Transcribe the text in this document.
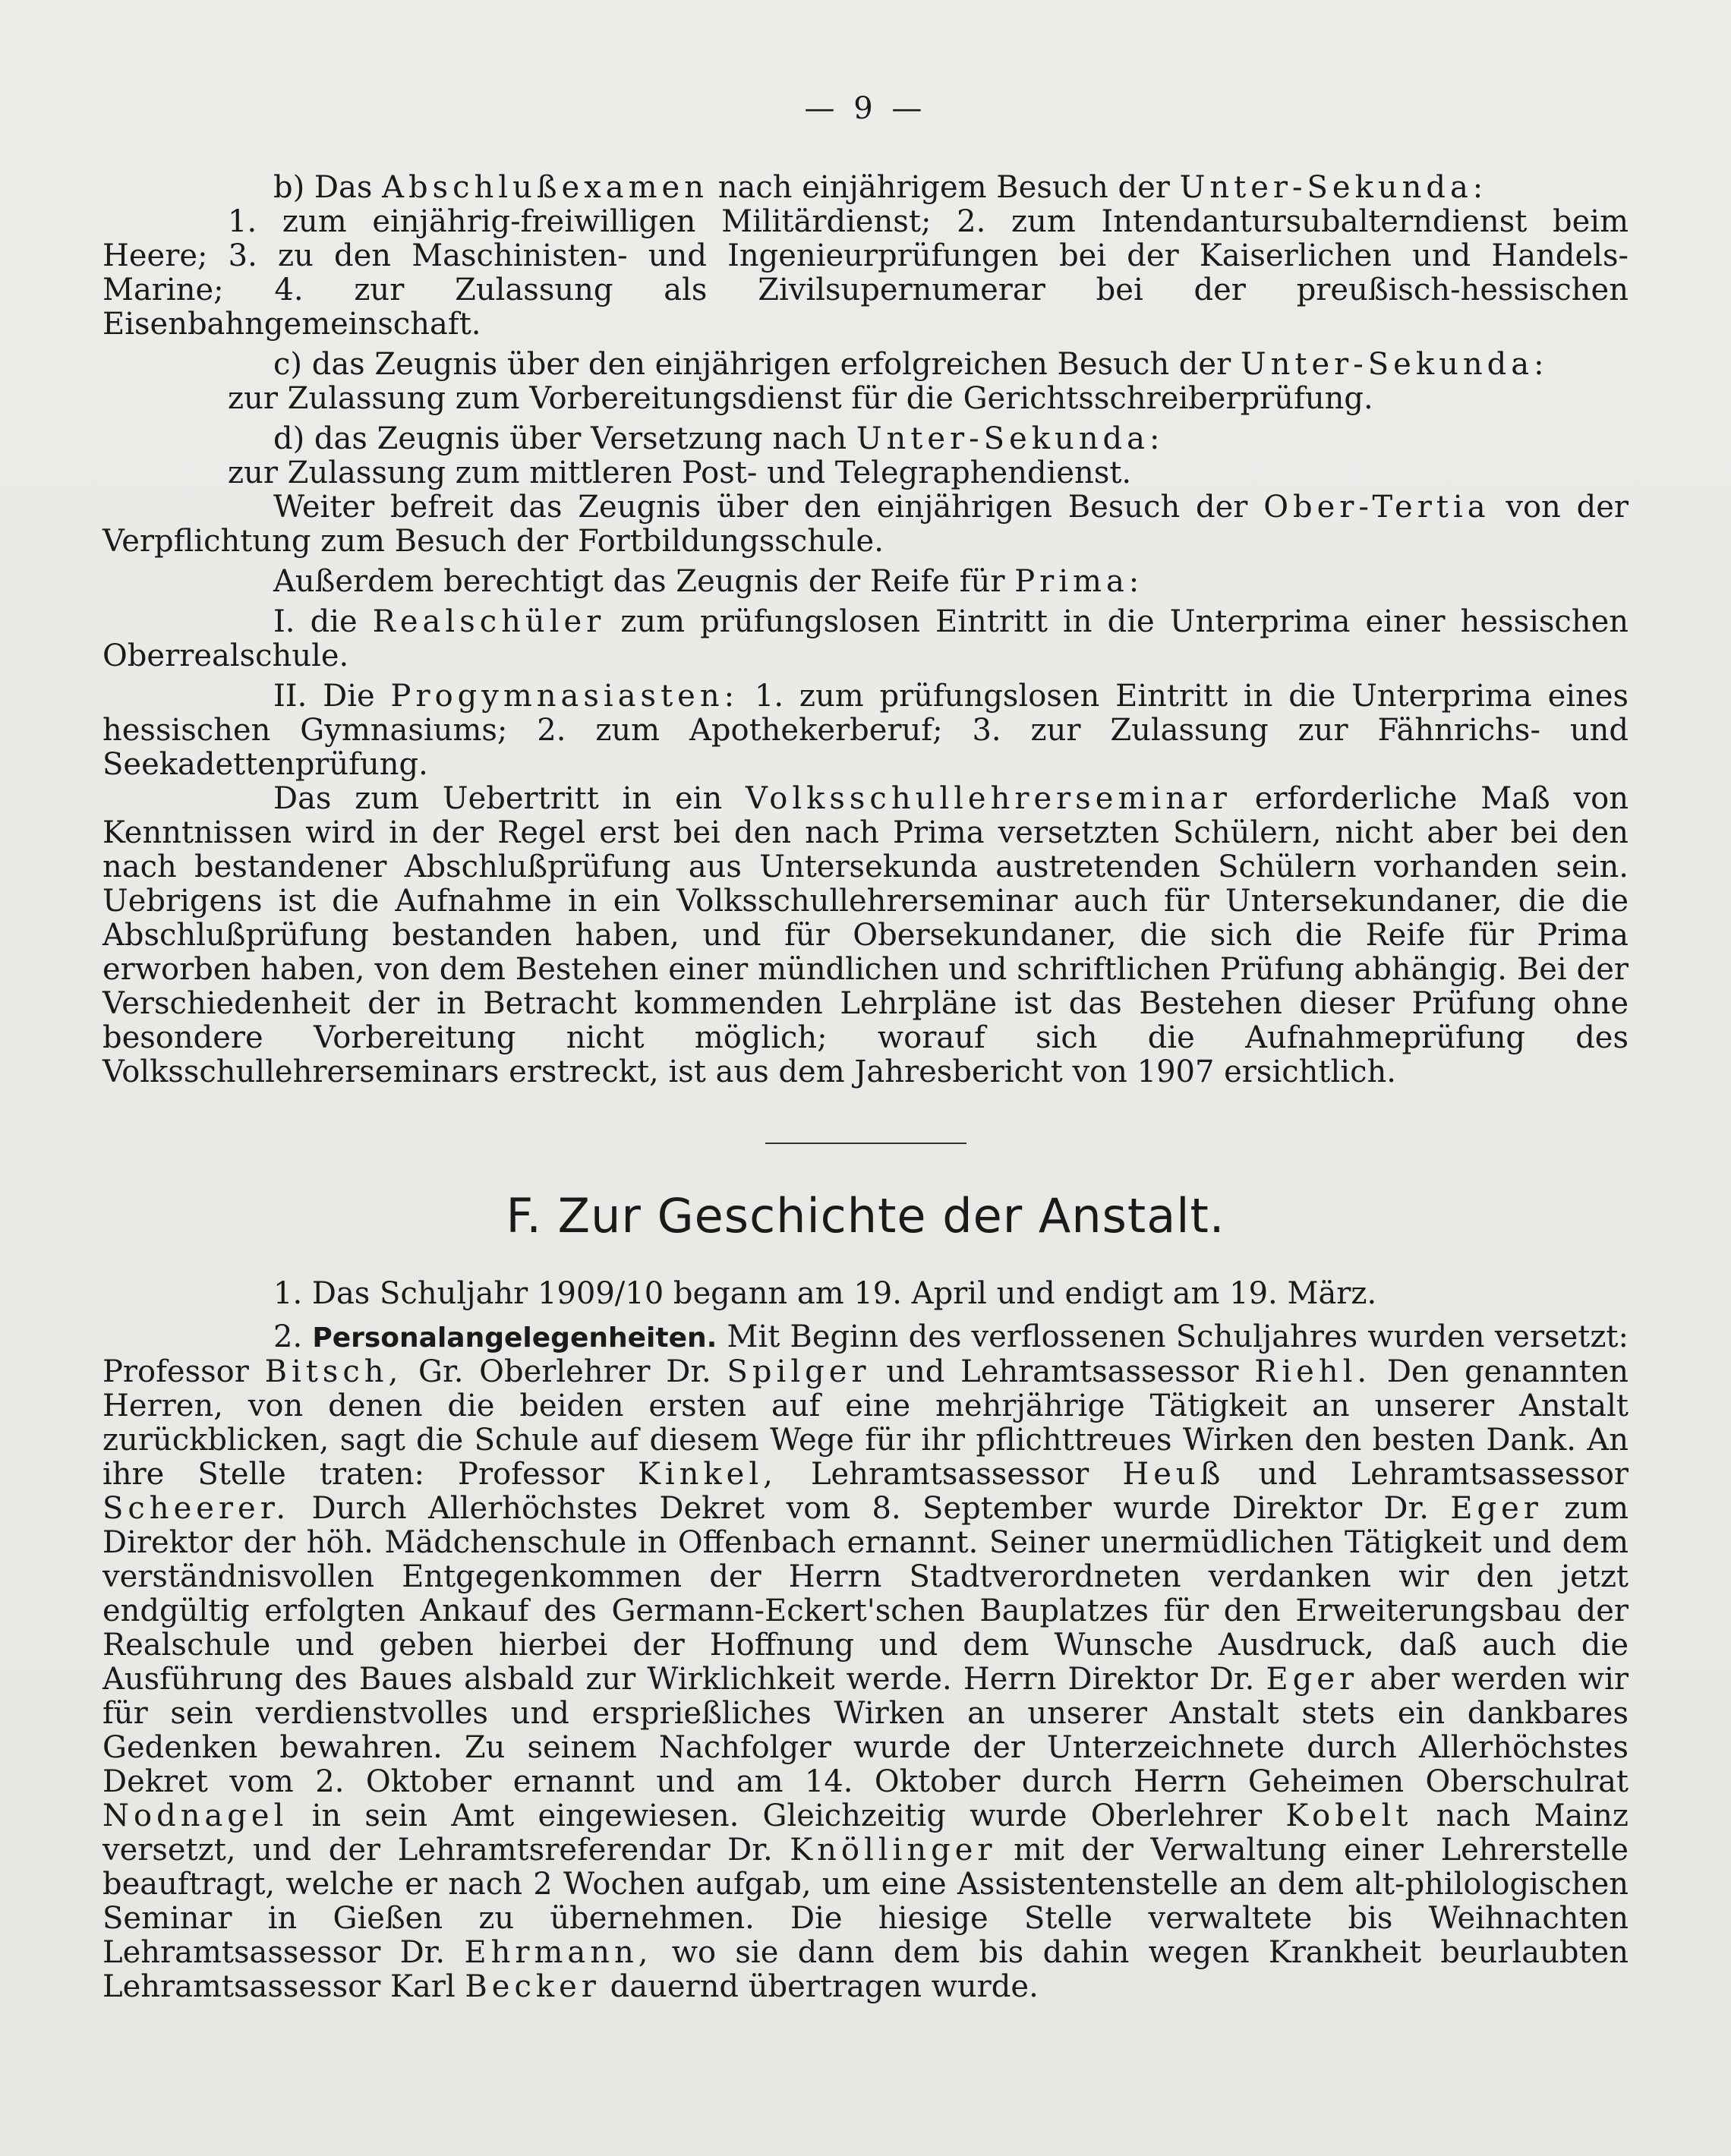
— 9 —

b) Das Abschlußexamen nach einjährigem Besuch der Unter-Sekunda:

1. zum einjährig-freiwilligen Militärdienst; 2. zum Intendantursubalterndienst beim Heere; 3. zu den Maschinisten- und Ingenieurprüfungen bei der Kaiserlichen und Handels-Marine; 4. zur Zulassung als Zivilsupernumerar bei der preußisch-hessischen Eisenbahngemeinschaft.

c) das Zeugnis über den einjährigen erfolgreichen Besuch der Unter-Sekunda:

zur Zulassung zum Vorbereitungsdienst für die Gerichtsschreiberprüfung.

d) das Zeugnis über Versetzung nach Unter-Sekunda:

zur Zulassung zum mittleren Post- und Telegraphendienst.

Weiter befreit das Zeugnis über den einjährigen Besuch der Ober-Tertia von der Verpflichtung zum Besuch der Fortbildungsschule.

Außerdem berechtigt das Zeugnis der Reife für Prima:

I. die Realschüler zum prüfungslosen Eintritt in die Unterprima einer hessischen Oberrealschule.

II. Die Progymnasiasten: 1. zum prüfungslosen Eintritt in die Unterprima eines hessischen Gymnasiums; 2. zum Apothekerberuf; 3. zur Zulassung zur Fähnrichs- und Seekadettenprüfung.

Das zum Uebertritt in ein Volksschullehrerseminar erforderliche Maß von Kenntnissen wird in der Regel erst bei den nach Prima versetzten Schülern, nicht aber bei den nach bestandener Abschlußprüfung aus Untersekunda austretenden Schülern vorhanden sein. Uebrigens ist die Aufnahme in ein Volksschullehrerseminar auch für Untersekundaner, die die Abschlußprüfung bestanden haben, und für Obersekundaner, die sich die Reife für Prima erworben haben, von dem Bestehen einer mündlichen und schriftlichen Prüfung abhängig. Bei der Verschiedenheit der in Betracht kommenden Lehrpläne ist das Bestehen dieser Prüfung ohne besondere Vorbereitung nicht möglich; worauf sich die Aufnahmeprüfung des Volksschullehrerseminars erstreckt, ist aus dem Jahresbericht von 1907 ersichtlich.

F. Zur Geschichte der Anstalt.

1. Das Schuljahr 1909/10 begann am 19. April und endigt am 19. März.

2. Personalangelegenheiten. Mit Beginn des verflossenen Schuljahres wurden versetzt: Professor Bitsch, Gr. Oberlehrer Dr. Spilger und Lehramtsassessor Riehl. Den genannten Herren, von denen die beiden ersten auf eine mehrjährige Tätigkeit an unserer Anstalt zurückblicken, sagt die Schule auf diesem Wege für ihr pflichttreues Wirken den besten Dank. An ihre Stelle traten: Professor Kinkel, Lehramtsassessor Heuß und Lehramtsassessor Scheerer. Durch Allerhöchstes Dekret vom 8. September wurde Direktor Dr. Eger zum Direktor der höh. Mädchenschule in Offenbach ernannt. Seiner unermüdlichen Tätigkeit und dem verständnisvollen Entgegenkommen der Herrn Stadtverordneten verdanken wir den jetzt endgültig erfolgten Ankauf des Germann-Eckert'schen Bauplatzes für den Erweiterungsbau der Realschule und geben hierbei der Hoffnung und dem Wunsche Ausdruck, daß auch die Ausführung des Baues alsbald zur Wirklichkeit werde. Herrn Direktor Dr. Eger aber werden wir für sein verdienstvolles und ersprießliches Wirken an unserer Anstalt stets ein dankbares Gedenken bewahren. Zu seinem Nachfolger wurde der Unterzeichnete durch Allerhöchstes Dekret vom 2. Oktober ernannt und am 14. Oktober durch Herrn Geheimen Oberschulrat Nodnagel in sein Amt eingewiesen. Gleichzeitig wurde Oberlehrer Kobelt nach Mainz versetzt, und der Lehramtsreferendar Dr. Knöllinger mit der Verwaltung einer Lehrerstelle beauftragt, welche er nach 2 Wochen aufgab, um eine Assistentenstelle an dem alt-philologischen Seminar in Gießen zu übernehmen. Die hiesige Stelle verwaltete bis Weihnachten Lehramtsassessor Dr. Ehrmann, wo sie dann dem bis dahin wegen Krankheit beurlaubten Lehramtsassessor Karl Becker dauernd übertragen wurde.
